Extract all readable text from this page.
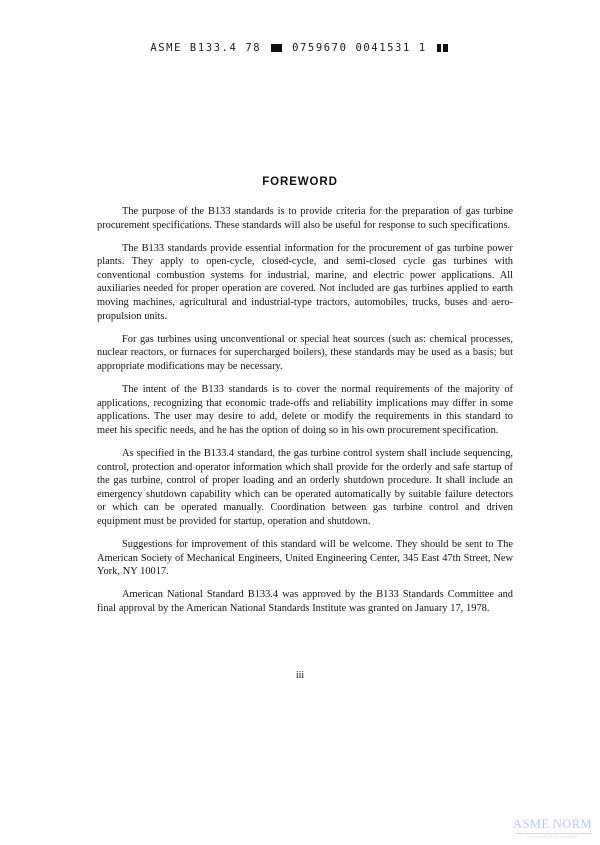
ASME B133.4 78	0759670 0041531 1
FOREWORD

The purpose of the B133 standards is to provide criteria for the preparation of gas turbine procurement specifications. These standards will also be useful for response to such specifications.

The B133 standards provide essential information for the procurement of gas turbine power plants. They apply to open-cycle, closed-cycle, and semi-closed cycle gas turbines with conventional combustion systems for industrial, marine, and electric power applications. All auxiliaries needed for proper operation are covered. Not included are gas turbines applied to earth moving machines, agricultural and industrial-type tractors, automobiles, trucks, buses and aero-propulsion units.

For gas turbines using unconventional or special heat sources (such as: chemical processes, nuclear reactors, or furnaces for supercharged boilers), these standards may be used as a basis; but appropriate modifications may be necessary.

The intent of the B133 standards is to cover the normal requirements of the majority of applications, recognizing that economic trade-offs and reliability implications may differ in some applications. The user may desire to add, delete or modify the requirements in this standard to meet his specific needs, and he has the option of doing so in his own procurement specification.

As specified in the B133.4 standard, the gas turbine control system shall include sequencing, control, protection and operator information which shall provide for the orderly and safe startup of the gas turbine, control of proper loading and an orderly shutdown procedure. It shall include an emergency shutdown capability which can be operated automatically by suitable failure detectors or which can be operated manually. Coordination between gas turbine control and driven equipment must be provided for startup, operation and shutdown.

Suggestions for improvement of this standard will be welcome. They should be sent to The American Society of Mechanical Engineers, United Engineering Center, 345 East 47th Street, New York, NY 10017.

American National Standard B133.4 was approved by the B133 Standards Committee and final approval by the American National Standards Institute was granted on January 17, 1978.

iii
ASME NORM
STANDARDS DOCUMENT
